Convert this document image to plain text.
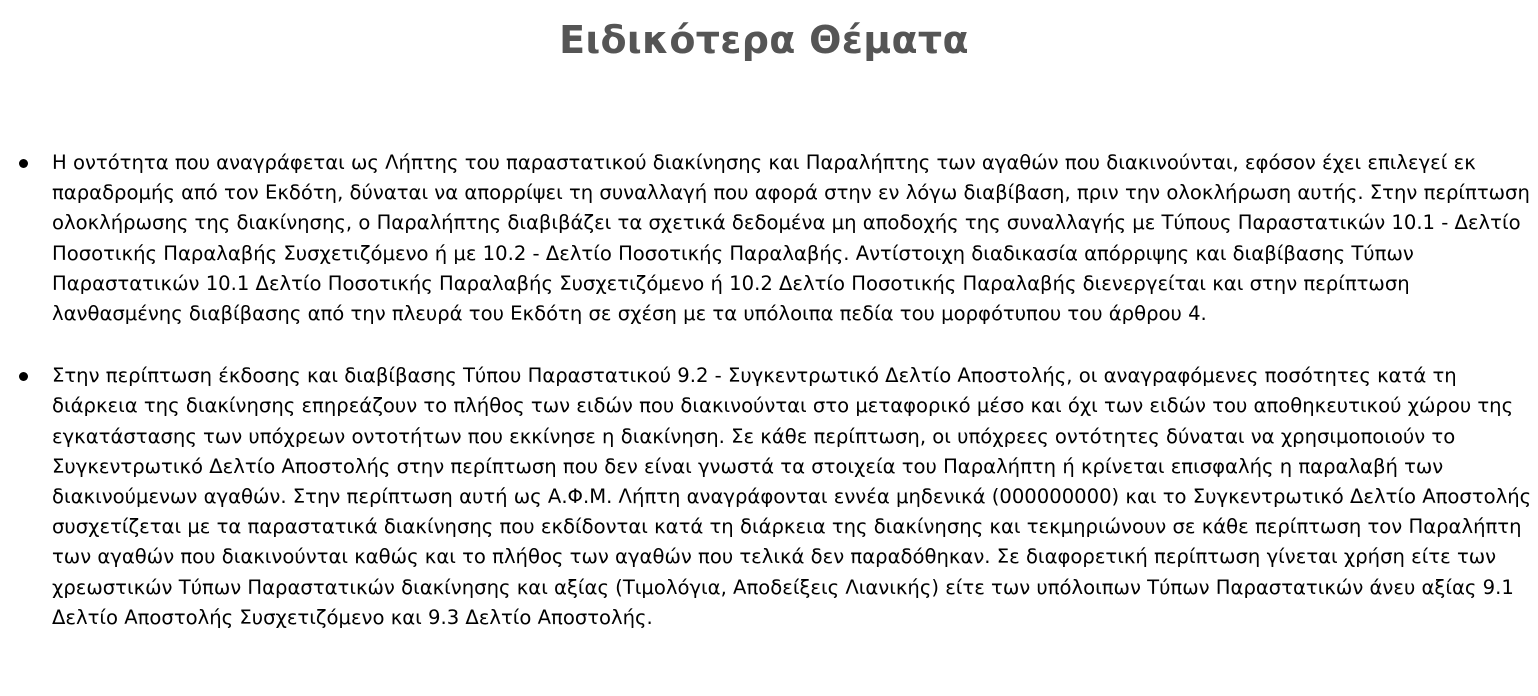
Ειδικότερα Θέματα
Η οντότητα που αναγράφεται ως Λήπτης του παραστατικού διακίνησης και Παραλήπτης των αγαθών που διακινούνται, εφόσον έχει επιλεγεί εκ παραδρομής από τον Εκδότη, δύναται να απορρίψει τη συναλλαγή που αφορά στην εν λόγω διαβίβαση, πριν την ολοκλήρωση αυτής. Στην περίπτωση ολοκλήρωσης της διακίνησης, ο Παραλήπτης διαβιβάζει τα σχετικά δεδομένα μη αποδοχής της συναλλαγής με Τύπους Παραστατικών 10.1 - Δελτίο Ποσοτικής Παραλαβής Συσχετιζόμενο ή με 10.2 - Δελτίο Ποσοτικής Παραλαβής. Αντίστοιχη διαδικασία απόρριψης και διαβίβασης Τύπων Παραστατικών 10.1 Δελτίο Ποσοτικής Παραλαβής Συσχετιζόμενο ή 10.2 Δελτίο Ποσοτικής Παραλαβής διενεργείται και στην περίπτωση λανθασμένης διαβίβασης από την πλευρά του Εκδότη σε σχέση με τα υπόλοιπα πεδία του μορφότυπου του άρθρου 4.
Στην περίπτωση έκδοσης και διαβίβασης Τύπου Παραστατικού 9.2 - Συγκεντρωτικό Δελτίο Αποστολής, οι αναγραφόμενες ποσότητες κατά τη διάρκεια της διακίνησης επηρεάζουν το πλήθος των ειδών που διακινούνται στο μεταφορικό μέσο και όχι των ειδών του αποθηκευτικού χώρου της εγκατάστασης των υπόχρεων οντοτήτων που εκκίνησε η διακίνηση. Σε κάθε περίπτωση, οι υπόχρεες οντότητες δύναται να χρησιμοποιούν το Συγκεντρωτικό Δελτίο Αποστολής στην περίπτωση που δεν είναι γνωστά τα στοιχεία του Παραλήπτη ή κρίνεται επισφαλής η παραλαβή των διακινούμενων αγαθών. Στην περίπτωση αυτή ως Α.Φ.Μ. Λήπτη αναγράφονται εννέα μηδενικά (000000000) και το Συγκεντρωτικό Δελτίο Αποστολής συσχετίζεται με τα παραστατικά διακίνησης που εκδίδονται κατά τη διάρκεια της διακίνησης και τεκμηριώνουν σε κάθε περίπτωση τον Παραλήπτη των αγαθών που διακινούνται καθώς και το πλήθος των αγαθών που τελικά δεν παραδόθηκαν. Σε διαφορετική περίπτωση γίνεται χρήση είτε των χρεωστικών Τύπων Παραστατικών διακίνησης και αξίας (Τιμολόγια, Αποδείξεις Λιανικής) είτε των υπόλοιπων Τύπων Παραστατικών άνευ αξίας 9.1 Δελτίο Αποστολής Συσχετιζόμενο και 9.3 Δελτίο Αποστολής.
